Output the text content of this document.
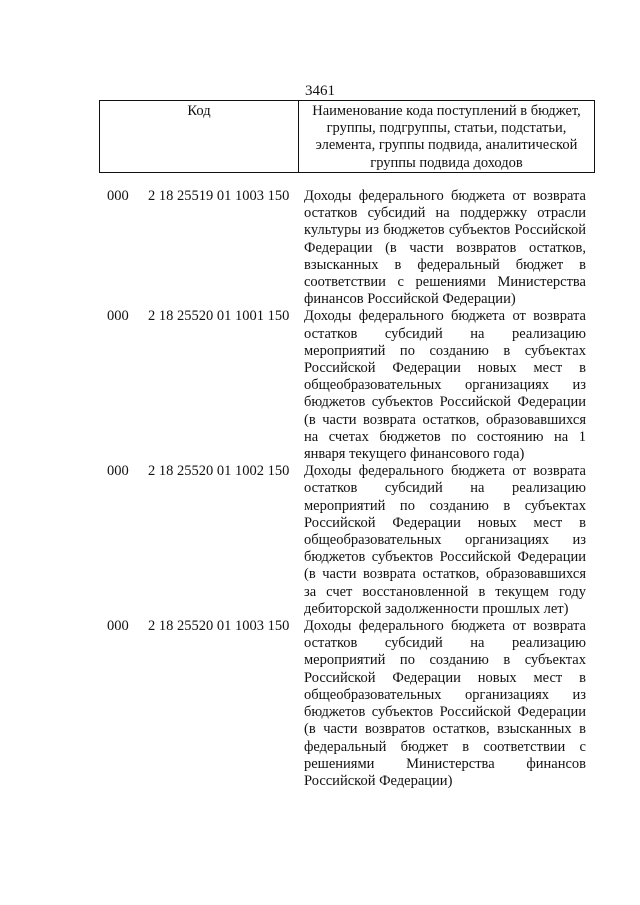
3461
Код	Наименование кода поступлений в бюджет, группы, подгруппы, статьи, подстатьи, элемента, группы подвида, аналитической группы подвида доходов
000 2 18 25519 01 1003 150 Доходы федерального бюджета от возврата остатков субсидий на поддержку отрасли культуры из бюджетов субъектов Российской Федерации (в части возвратов остатков, взысканных в федеральный бюджет в соответствии с решениями Министерства финансов Российской Федерации)
000 2 18 25520 01 1001 150 Доходы федерального бюджета от возврата остатков субсидий на реализацию мероприятий по созданию в субъектах Российской Федерации новых мест в общеобразовательных организациях из бюджетов субъектов Российской Федерации (в части возврата остатков, образовавшихся на счетах бюджетов по состоянию на 1 января текущего финансового года)
000 2 18 25520 01 1002 150 Доходы федерального бюджета от возврата остатков субсидий на реализацию мероприятий по созданию в субъектах Российской Федерации новых мест в общеобразовательных организациях из бюджетов субъектов Российской Федерации (в части возврата остатков, образовавшихся за счет восстановленной в текущем году дебиторской задолженности прошлых лет)
000 2 18 25520 01 1003 150 Доходы федерального бюджета от возврата остатков субсидий на реализацию мероприятий по созданию в субъектах Российской Федерации новых мест в общеобразовательных организациях из бюджетов субъектов Российской Федерации (в части возвратов остатков, взысканных в федеральный бюджет в соответствии с решениями Министерства финансов Российской Федерации)
